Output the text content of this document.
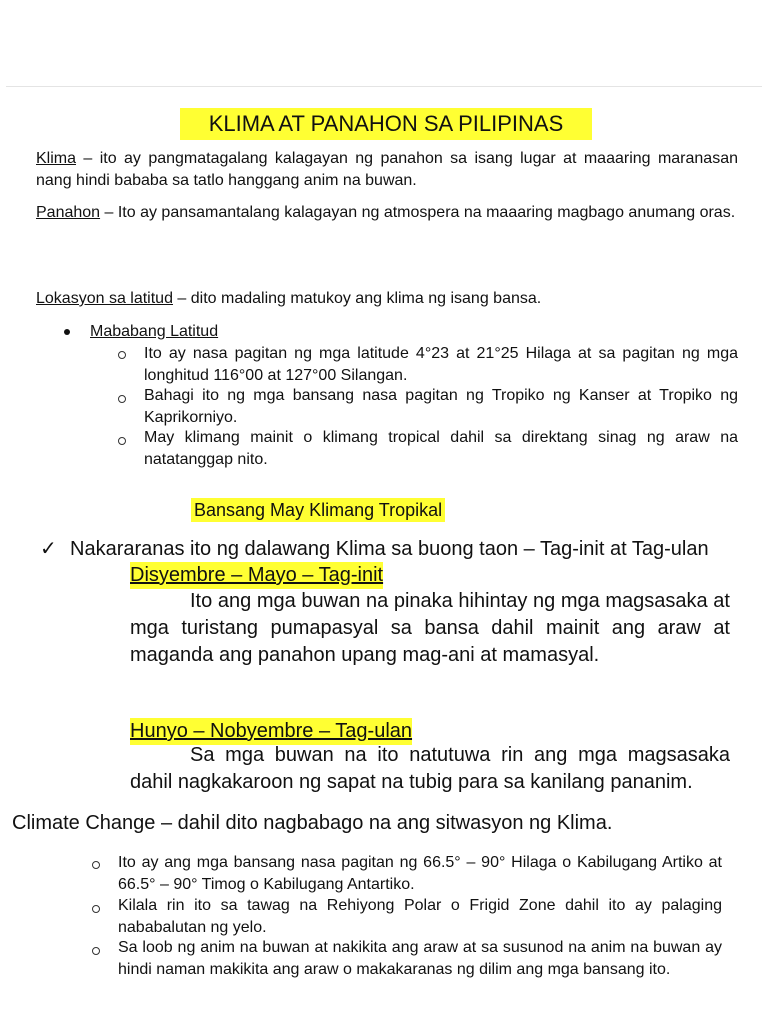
KLIMA AT PANAHON SA PILIPINAS
Klima – ito ay pangmatagalang kalagayan ng panahon sa isang lugar at maaaring maranasan nang hindi bababa sa tatlo hanggang anim na buwan.
Panahon – Ito ay pansamantalang kalagayan ng atmospera na maaaring magbago anumang oras.
Lokasyon sa latitud – dito madaling matukoy ang klima ng isang bansa.
Mababang Latitud
Ito ay nasa pagitan ng mga latitude 4°23 at 21°25 Hilaga at sa pagitan ng mga longhitud 116°00 at 127°00 Silangan.
Bahagi ito ng mga bansang nasa pagitan ng Tropiko ng Kanser at Tropiko ng Kaprikorniyo.
May klimang mainit o klimang tropical dahil sa direktang sinag ng araw na natatanggap nito.
Bansang May Klimang Tropikal
✓ Nakararanas ito ng dalawang Klima sa buong taon – Tag-init at Tag-ulan
Disyembre – Mayo – Tag-init
Ito ang mga buwan na pinaka hihintay ng mga magsasaka at mga turistang pumapasyal sa bansa dahil mainit ang araw at maganda ang panahon upang mag-ani at mamasyal.
Hunyo – Nobyembre – Tag-ulan
Sa mga buwan na ito natutuwa rin ang mga magsasaka dahil nagkakaroon ng sapat na tubig para sa kanilang pananim.
Climate Change – dahil dito nagbabago na ang sitwasyon ng Klima.
Ito ay ang mga bansang nasa pagitan ng 66.5° – 90° Hilaga o Kabilugang Artiko at 66.5° – 90° Timog o Kabilugang Antartiko.
Kilala rin ito sa tawag na Rehiyong Polar o Frigid Zone dahil ito ay palaging nababalutan ng yelo.
Sa loob ng anim na buwan at nakikita ang araw at sa susunod na anim na buwan ay hindi naman makikita ang araw o makakaranas ng dilim ang mga bansang ito.
